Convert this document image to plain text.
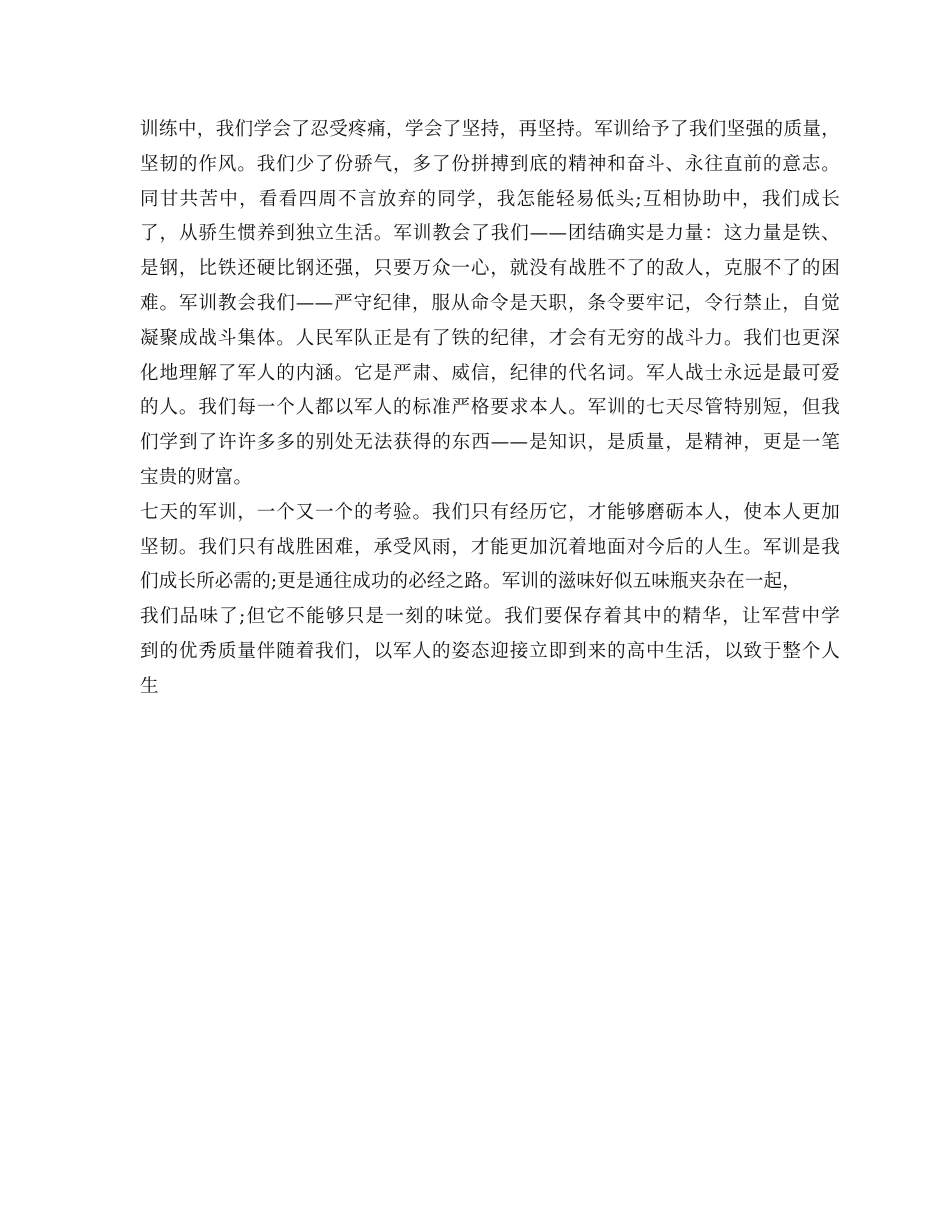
训练中，我们学会了忍受疼痛，学会了坚持，再坚持。军训给予了我们坚强的质量，
坚韧的作风。我们少了份骄气，多了份拼搏到底的精神和奋斗、永往直前的意志。
同甘共苦中，看看四周不言放弃的同学，我怎能轻易低头;互相协助中，我们成长
了，从骄生惯养到独立生活。军训教会了我们——团结确实是力量：这力量是铁、
是钢，比铁还硬比钢还强，只要万众一心，就没有战胜不了的敌人，克服不了的困
难。军训教会我们——严守纪律，服从命令是天职，条令要牢记，令行禁止，自觉
凝聚成战斗集体。人民军队正是有了铁的纪律，才会有无穷的战斗力。我们也更深
化地理解了军人的内涵。它是严肃、威信，纪律的代名词。军人战士永远是最可爱
的人。我们每一个人都以军人的标准严格要求本人。军训的七天尽管特别短，但我
们学到了许许多多的别处无法获得的东西——是知识，是质量，是精神，更是一笔
宝贵的财富。
七天的军训，一个又一个的考验。我们只有经历它，才能够磨砺本人，使本人更加
坚韧。我们只有战胜困难，承受风雨，才能更加沉着地面对今后的人生。军训是我
们成长所必需的;更是通往成功的必经之路。军训的滋味好似五味瓶夹杂在一起，
我们品味了;但它不能够只是一刻的味觉。我们要保存着其中的精华，让军营中学
到的优秀质量伴随着我们，以军人的姿态迎接立即到来的高中生活，以致于整个人
生
